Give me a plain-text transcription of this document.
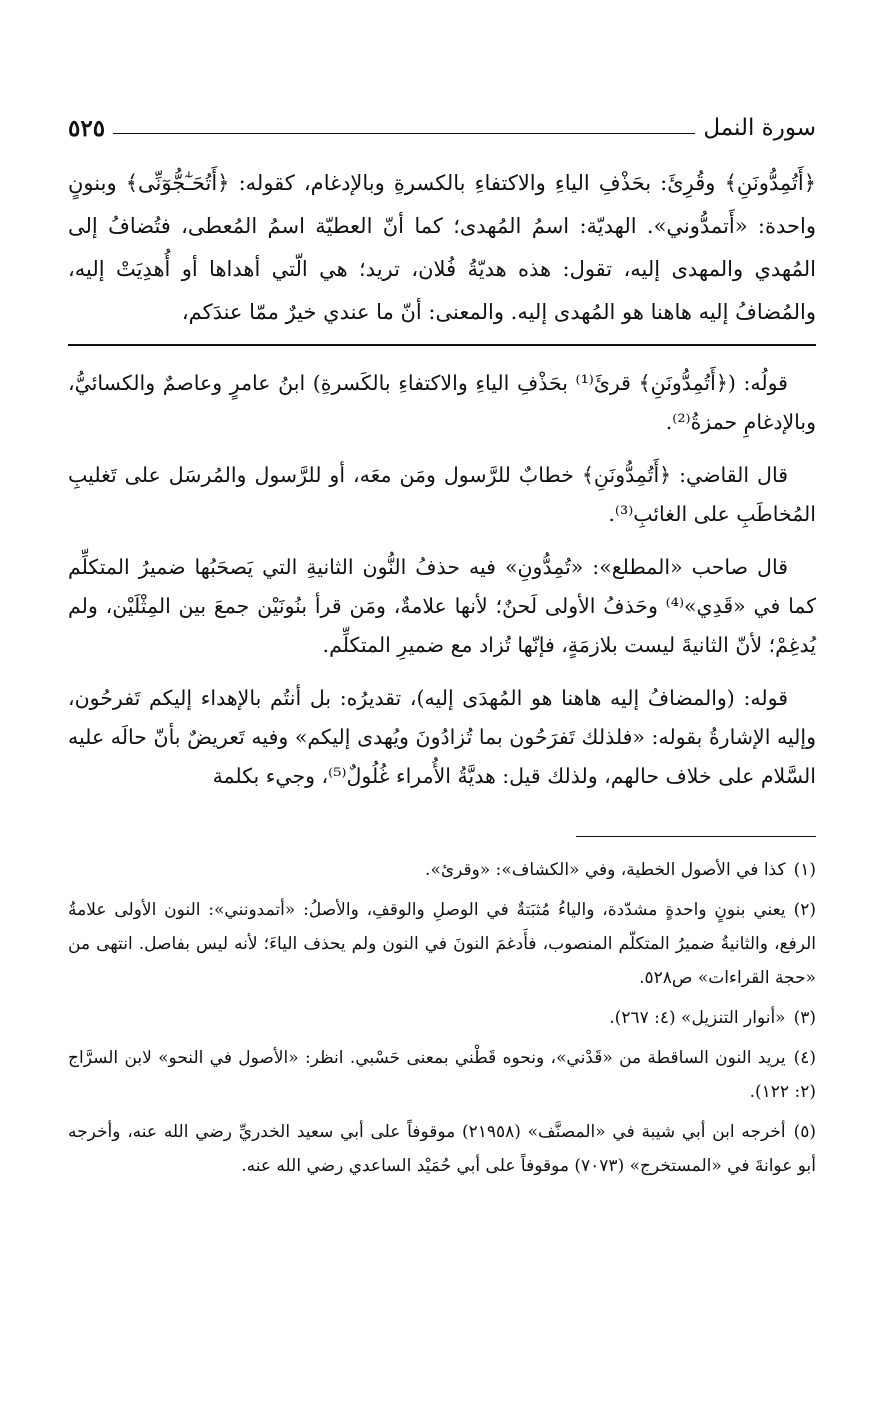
سورة النمل
٥٢٥

﴿أَتُمِدُّونَنِ﴾ وقُرِئَ: بحَذْفِ الياءِ والاكتفاءِ بالكسرةِ وبالإدغام، كقوله: ﴿أَتُحَـٰٓجُّوٓنِّى﴾ وبنونٍ واحدة: «أَتمدُّوني». الهديّة: اسمُ المُهدى؛ كما أنّ العطيّة اسمُ المُعطى، فتُضافُ إلى المُهدي والمهدى إليه، تقول: هذه هديّةُ فُلان، تريد؛ هي الّتي أهداها أو أُهدِيَتْ إليه، والمُضافُ إليه هاهنا هو المُهدى إليه. والمعنى: أنّ ما عندي خيرٌ ممّا عندَكم،

قولُه: (﴿أَتُمِدُّونَنِ﴾ قرئَ⁽¹⁾ بحَذْفِ الياءِ والاكتفاءِ بالكَسرةِ) ابنُ عامرٍ وعاصمٌ والكسائيُّ، وبالإدغامِ حمزةُ⁽²⁾.

قال القاضي: ﴿أَتُمِدُّونَنِ﴾ خطابٌ للرَّسول ومَن معَه، أو للرَّسول والمُرسَل على تَغليبِ المُخاطَبِ على الغائبِ⁽³⁾.

قال صاحب «المطلع»: «تُمِدُّونِ» فيه حذفُ النُّون الثانيةِ التي يَصحَبُها ضميرُ المتكلِّم كما في «قَدِي»⁽⁴⁾ وحَذفُ الأولى لَحنٌ؛ لأنها علامةٌ، ومَن قرأ بنُونَيْن جمعَ بين المِثْلَيْن، ولم يُدغِمْ؛ لأنّ الثانيةَ ليست بلازمَةٍ، فإنّها تُزاد مع ضميرِ المتكلِّم.

قوله: (والمضافُ إليه هاهنا هو المُهدَى إليه)، تقديرُه: بل أنتُم بالإهداء إليكم تَفرحُون، وإليه الإشارةُ بقوله: «فلذلك تَفرَحُون بما تُزادُونَ ويُهدى إليكم» وفيه تَعريضٌ بأنّ حالَه عليه السَّلام على خلاف حالهم، ولذلك قيل: هديَّةُ الأُمراء غُلُولٌ⁽⁵⁾، وجيء بكلمة

(١)كذا في الأصول الخطية، وفي «الكشاف»: «وقرئ».
(٢)يعني بنونٍ واحدةٍ مشدّدة، والياءُ مُثبَتةٌ في الوصلِ والوقفِ، والأصلُ: «أتمدونني»: النون الأولى علامةُ الرفع، والثانيةُ ضميرُ المتكلّم المنصوب، فأَدغمَ النونَ في النون ولم يحذف الياءَ؛ لأنه ليس بفاصل. انتهى من «حجة القراءات» ص٥٢٨.
(٣)«أنوار التنزيل» (٤: ٢٦٧).
(٤)يريد النون الساقطة من «قَدْني»، ونحوه قَطْني بمعنى حَسْبي. انظر: «الأصول في النحو» لابن السرَّاج (٢: ١٢٢).
(٥)أخرجه ابن أبي شيبة في «المصنَّف» (٢١٩٥٨) موقوفاً على أبي سعيد الخدريِّ رضي الله عنه، وأخرجه أبو عوانةَ في «المستخرج» (٧٠٧٣) موقوفاً على أبي حُمَيْد الساعدي رضي الله عنه.
